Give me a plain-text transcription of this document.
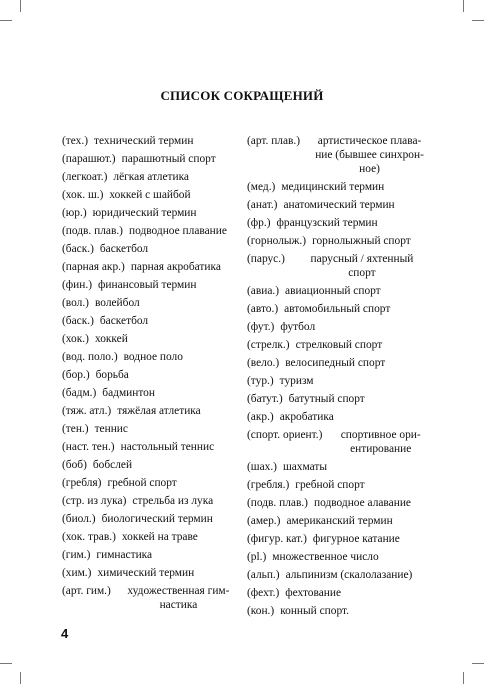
СПИСОК СОКРАЩЕНИЙ
(тех.) технический термин
(парашют.) парашютный спорт
(легкоат.) лёгкая атлетика
(хок. ш.) хоккей с шайбой
(юр.) юридический термин
(подв. плав.) подводное плавание
(баск.) баскетбол
(парная акр.) парная акробатика
(фин.) финансовый термин
(вол.) волейбол
(баск.) баскетбол
(хок.) хоккей
(вод. поло.) водное поло
(бор.) борьба
(бадм.) бадминтон
(тяж. атл.) тяжёлая атлетика
(тен.) теннис
(наст. тен.) настольный теннис
(боб) бобслей
(гребля) гребной спорт
(стр. из лука) стрельба из лука
(биол.) биологический термин
(хок. трав.) хоккей на траве
(гим.) гимнастика
(хим.) химический термин
(арт. гим.)	художественная гим-
настика
(арт. плав.)	артистическое плава-
ние (бывшее синхрон-
ное)
(мед.) медицинский термин
(анат.) анатомический термин
(фр.) французский термин
(горнолыж.) горнолыжный спорт
(парус.)	парусный / яхтенный
спорт
(авиа.) авиационный спорт
(авто.) автомобильный спорт
(фут.) футбол
(стрелк.) стрелковый спорт
(вело.) велосипедный спорт
(тур.) туризм
(батут.) батутный спорт
(акр.) акробатика
(спорт. ориент.)	спортивное ори-
ентирование
(шах.) шахматы
(гребля.) гребной спорт
(подв. плав.) подводное алавание
(амер.) американский термин
(фигур. кат.) фигурное катание
(pl.) множественное число
(альп.) альпинизм (скалолазание)
(фехт.) фехтование
(кон.) конный спорт.
4
